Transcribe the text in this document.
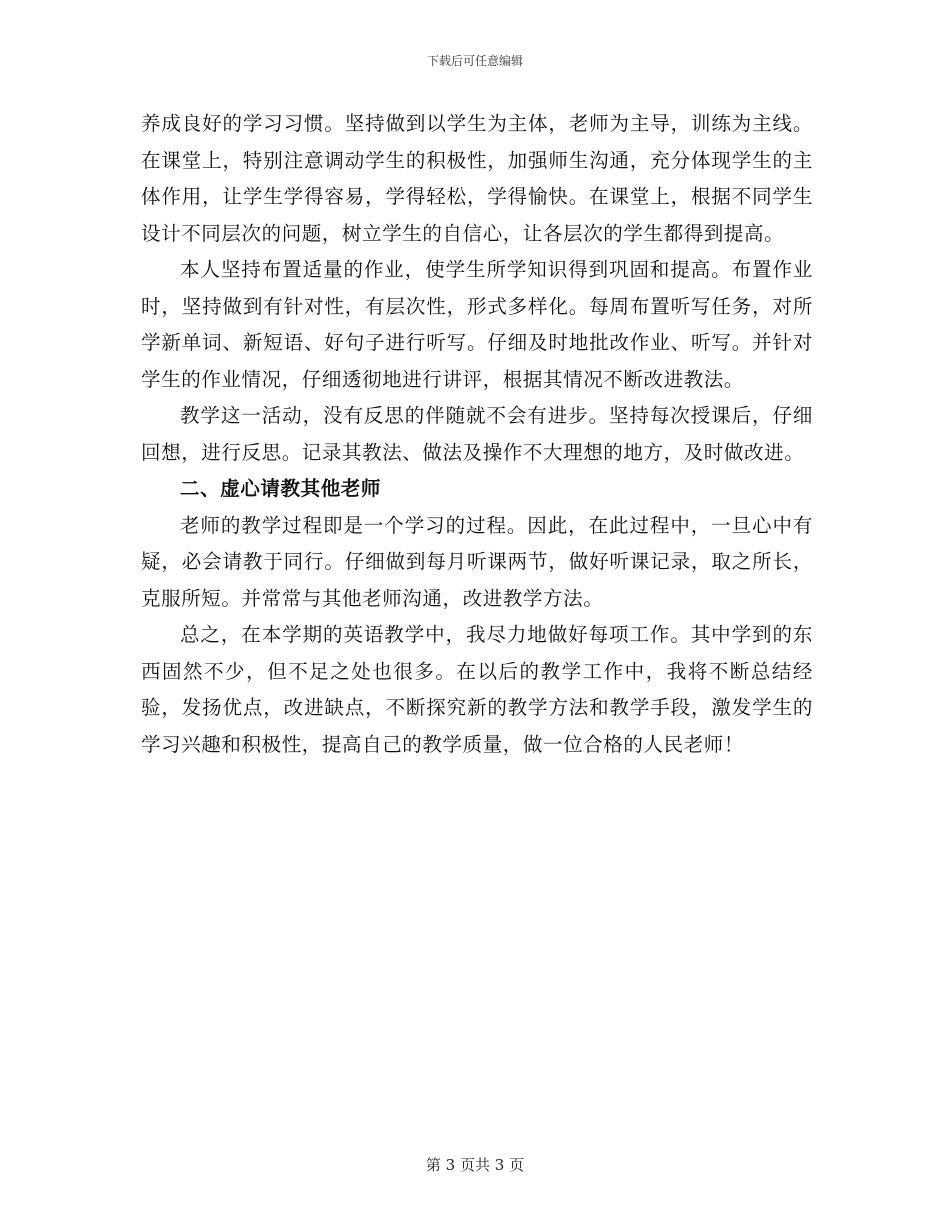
下载后可任意编辑

养成良好的学习习惯。坚持做到以学生为主体，老师为主导，训练为主线。在课堂上，特别注意调动学生的积极性，加强师生沟通，充分体现学生的主体作用，让学生学得容易，学得轻松，学得愉快。在课堂上，根据不同学生设计不同层次的问题，树立学生的自信心，让各层次的学生都得到提高。

本人坚持布置适量的作业，使学生所学知识得到巩固和提高。布置作业时，坚持做到有针对性，有层次性，形式多样化。每周布置听写任务，对所学新单词、新短语、好句子进行听写。仔细及时地批改作业、听写。并针对学生的作业情况，仔细透彻地进行讲评，根据其情况不断改进教法。

教学这一活动，没有反思的伴随就不会有进步。坚持每次授课后，仔细回想，进行反思。记录其教法、做法及操作不大理想的地方，及时做改进。

二、虚心请教其他老师

老师的教学过程即是一个学习的过程。因此，在此过程中，一旦心中有疑，必会请教于同行。仔细做到每月听课两节，做好听课记录，取之所长，克服所短。并常常与其他老师沟通，改进教学方法。

总之，在本学期的英语教学中，我尽力地做好每项工作。其中学到的东西固然不少，但不足之处也很多。在以后的教学工作中，我将不断总结经验，发扬优点，改进缺点，不断探究新的教学方法和教学手段，激发学生的学习兴趣和积极性，提高自己的教学质量，做一位合格的人民老师！

第 3 页共 3 页
